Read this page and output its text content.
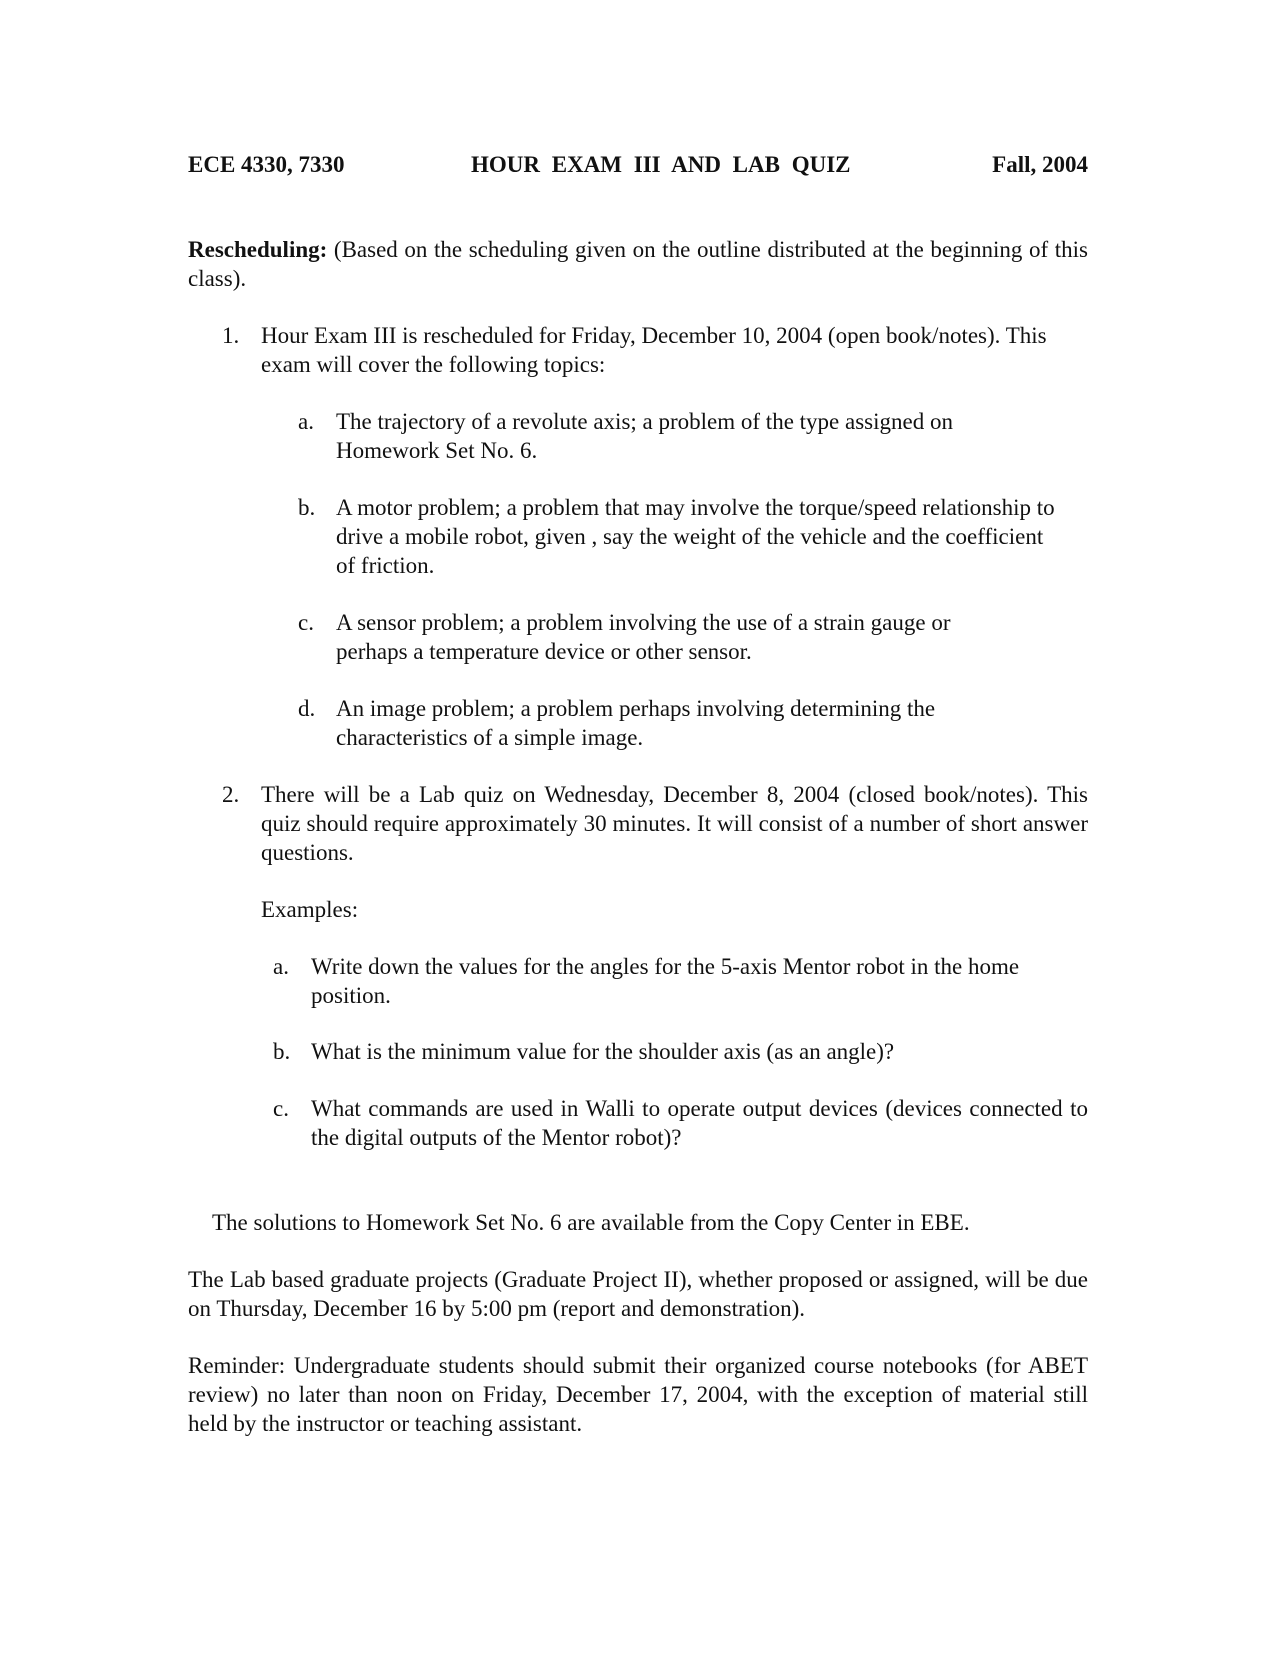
ECE 4330, 7330	HOUR EXAM III AND LAB QUIZ	Fall, 2004
Rescheduling: (Based on the scheduling given on the outline distributed at the beginning of this class).
1. Hour Exam III is rescheduled for Friday, December 10, 2004 (open book/notes). This exam will cover the following topics:
a. The trajectory of a revolute axis; a problem of the type assigned on Homework Set No. 6.
b. A motor problem; a problem that may involve the torque/speed relationship to drive a mobile robot, given , say the weight of the vehicle and the coefficient of friction.
c. A sensor problem; a problem involving the use of a strain gauge or perhaps a temperature device or other sensor.
d. An image problem; a problem perhaps involving determining the characteristics of a simple image.
2. There will be a Lab quiz on Wednesday, December 8, 2004 (closed book/notes). This quiz should require approximately 30 minutes. It will consist of a number of short answer questions.
Examples:
a. Write down the values for the angles for the 5-axis Mentor robot in the home position.
b. What is the minimum value for the shoulder axis (as an angle)?
c. What commands are used in Walli to operate output devices (devices connected to the digital outputs of the Mentor robot)?
The solutions to Homework Set No. 6 are available from the Copy Center in EBE.
The Lab based graduate projects (Graduate Project II), whether proposed or assigned, will be due on Thursday, December 16 by 5:00 pm (report and demonstration).
Reminder: Undergraduate students should submit their organized course notebooks (for ABET review) no later than noon on Friday, December 17, 2004, with the exception of material still held by the instructor or teaching assistant.
